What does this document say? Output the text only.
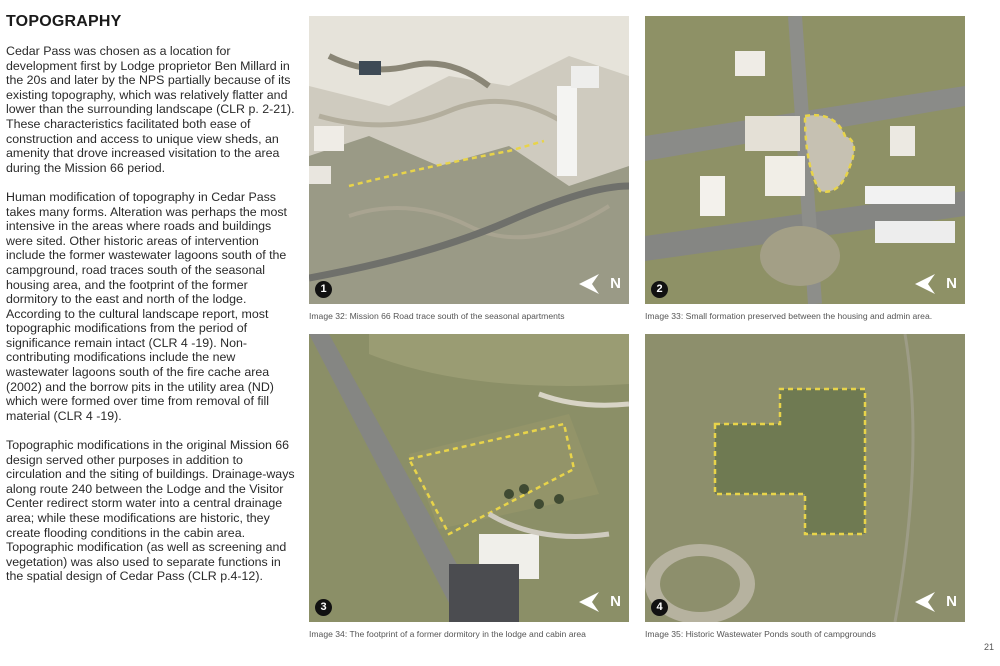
TOPOGRAPHY

Cedar Pass was chosen as a location for development first by Lodge proprietor Ben Millard in the 20s and later by the NPS partially because of its existing topography, which was relatively flatter and lower than the surrounding landscape (CLR p. 2-21). These characteristics facilitated both ease of construction and access to unique view sheds, an amenity that drove increased visitation to the area during the Mission 66 period.

Human modification of topography in Cedar Pass takes many forms. Alteration was perhaps the most intensive in the areas where roads and buildings were sited. Other historic areas of intervention include the former wastewater lagoons south of the campground, road traces south of the seasonal housing area, and the footprint of the former dormitory to the east and north of the lodge. According to the cultural landscape report, most topographic modifications from the period of significance remain intact (CLR 4 -19). Non-contributing modifications include the new wastewater lagoons south of the fire cache area (2002) and the borrow pits in the utility area (ND) which were formed over time from removal of fill material (CLR 4 -19).

Topographic modifications in the original Mission 66 design served other purposes in addition to circulation and the siting of buildings. Drainage-ways along route 240 between the Lodge and the Visitor Center redirect storm water into a central drainage area; while these modifications are historic, they create flooding conditions in the cabin area. Topographic modification (as well as screening and vegetation) was also used to separate functions in the spatial design of Cedar Pass (CLR p.4-12).

1	N
Image 32: Mission 66 Road trace south of the seasonal apartments
2	N
Image 33: Small formation preserved between the housing and admin area.
3	N
Image 34: The footprint of a former dormitory in the lodge and cabin area
4	N
Image 35: Historic Wastewater Ponds south of campgrounds
21
